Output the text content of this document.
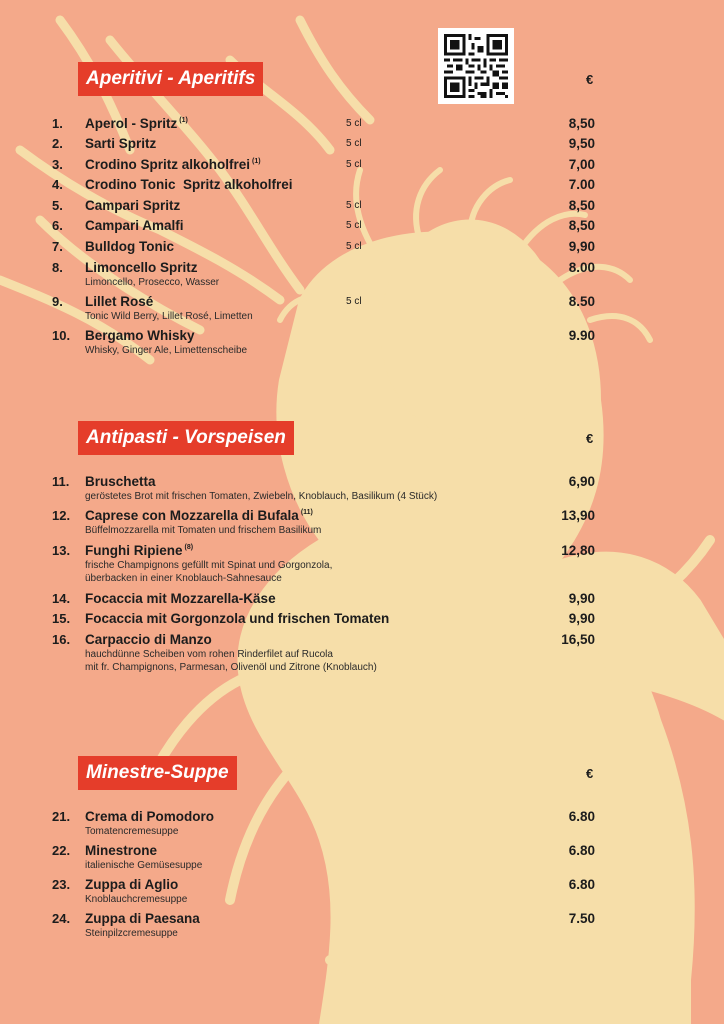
Aperitivi - Aperitifs	€
1. Aperol - Spritz $^{(1)}$	5 cl	8,50
2. Sarti Spritz	5 cl	9,50
3. Crodino Spritz alkoholfrei $^{(1)}$	5 cl	7,00
4. Crodino Tonic  Spritz alkoholfrei	7.00
5. Campari Spritz	5 cl	8,50
6. Campari Amalfi	5 cl	8,50
7. Bulldog Tonic	5 cl	9,90
8. Limoncello Spritz	8.00
Limoncello, Prosecco, Wasser
9. Lillet Rosé	5 cl	8.50
Tonic Wild Berry, Lillet Rosé, Limetten
10. Bergamo Whisky	9.90
Whisky, Ginger Ale, Limettenscheibe
Antipasti - Vorspeisen	€
11. Bruschetta	6,90
geröstetes Brot mit frischen Tomaten, Zwiebeln, Knoblauch, Basilikum (4 Stück)
12. Caprese con Mozzarella di Bufala $^{(11)}$	13,90
Büffelmozzarella mit Tomaten und frischem Basilikum
13. Funghi Ripiene $^{(8)}$	12,80
frische Champignons gefüllt mit Spinat und Gorgonzola,
überbacken in einer Knoblauch-Sahnesauce
14. Focaccia mit Mozzarella-Käse	9,90
15. Focaccia mit Gorgonzola und frischen Tomaten	9,90
16. Carpaccio di Manzo	16,50
hauchdünne Scheiben vom rohen Rinderfilet auf Rucola
mit fr. Champignons, Parmesan, Olivenöl und Zitrone (Knoblauch)
Minestre-Suppe	€
21. Crema di Pomodoro	6.80
Tomatencremesuppe
22. Minestrone	6.80
italienische Gemüsesuppe
23. Zuppa di Aglio	6.80
Knoblauchcremesuppe
24. Zuppa di Paesana	7.50
Steinpilzcremesuppe
